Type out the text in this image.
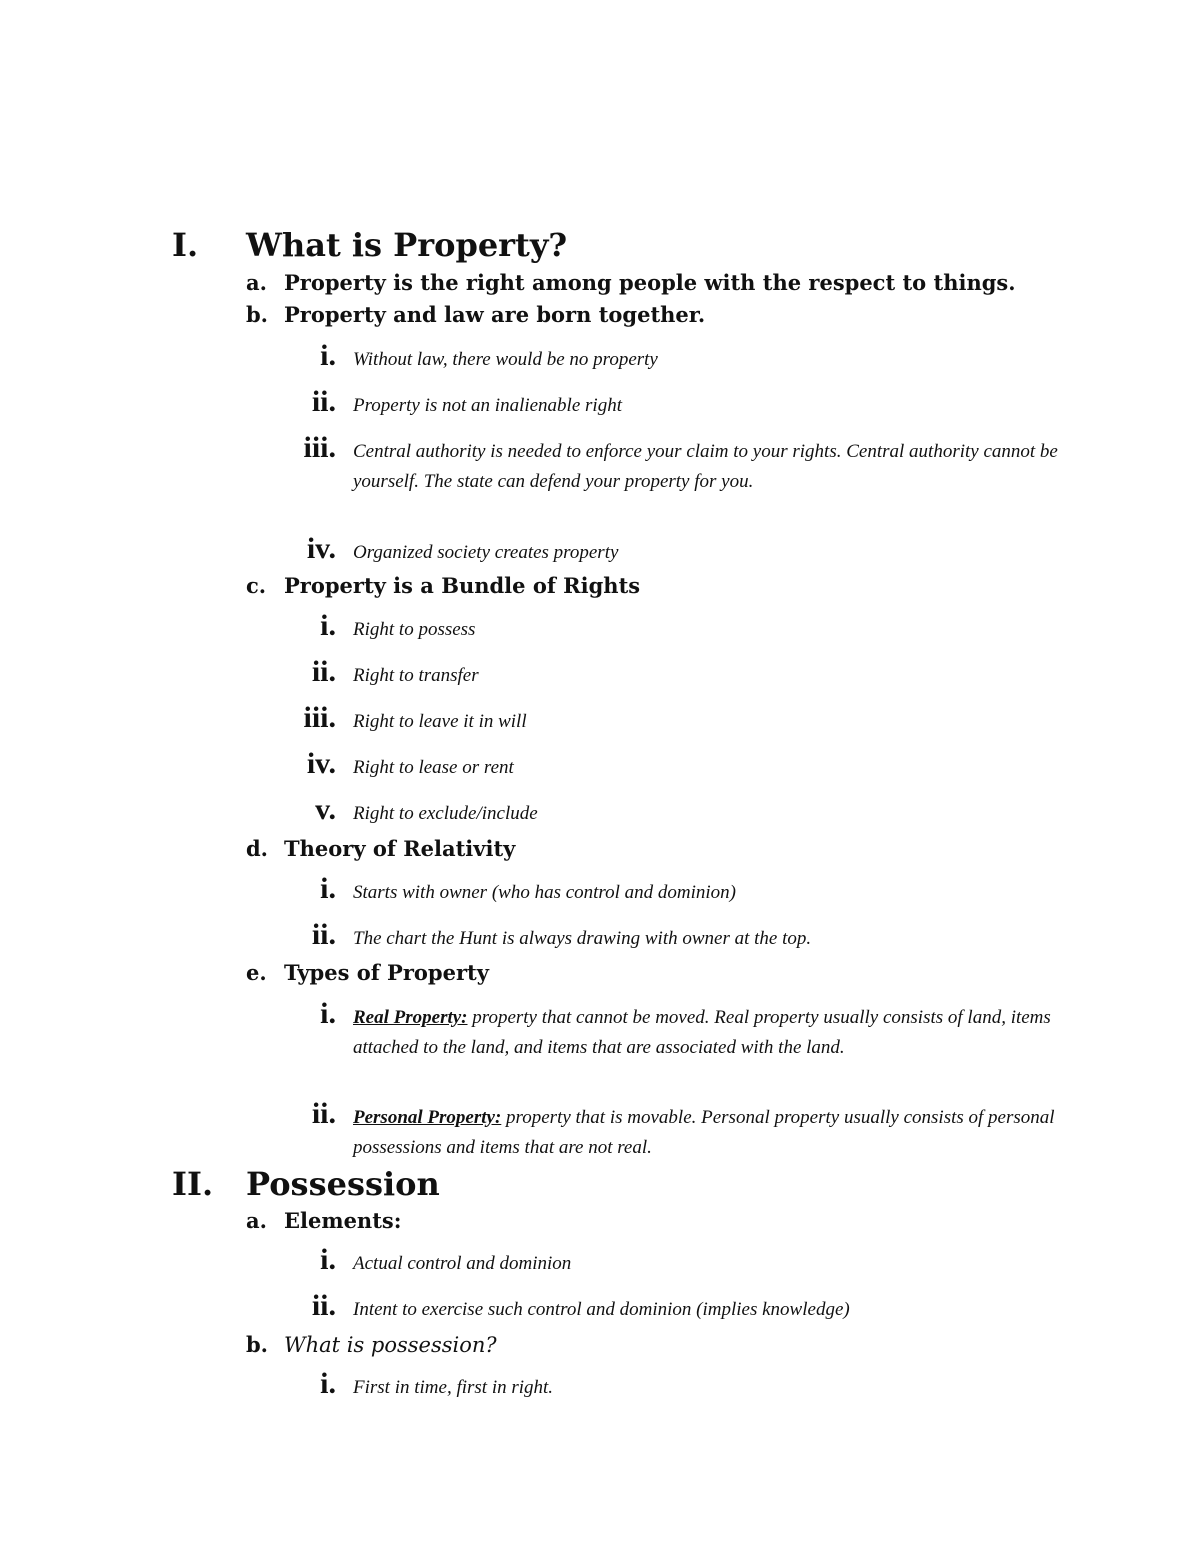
I. What is Property?
a. Property is the right among people with the respect to things.
b. Property and law are born together.
i. Without law, there would be no property
ii. Property is not an inalienable right
iii. Central authority is needed to enforce your claim to your rights. Central authority cannot be yourself. The state can defend your property for you.
iv. Organized society creates property
c. Property is a Bundle of Rights
i. Right to possess
ii. Right to transfer
iii. Right to leave it in will
iv. Right to lease or rent
v. Right to exclude/include
d. Theory of Relativity
i. Starts with owner (who has control and dominion)
ii. The chart the Hunt is always drawing with owner at the top.
e. Types of Property
i. Real Property: property that cannot be moved. Real property usually consists of land, items attached to the land, and items that are associated with the land.
ii. Personal Property: property that is movable. Personal property usually consists of personal possessions and items that are not real.
II. Possession
a. Elements:
i. Actual control and dominion
ii. Intent to exercise such control and dominion (implies knowledge)
b. What is possession?
i. First in time, first in right.
